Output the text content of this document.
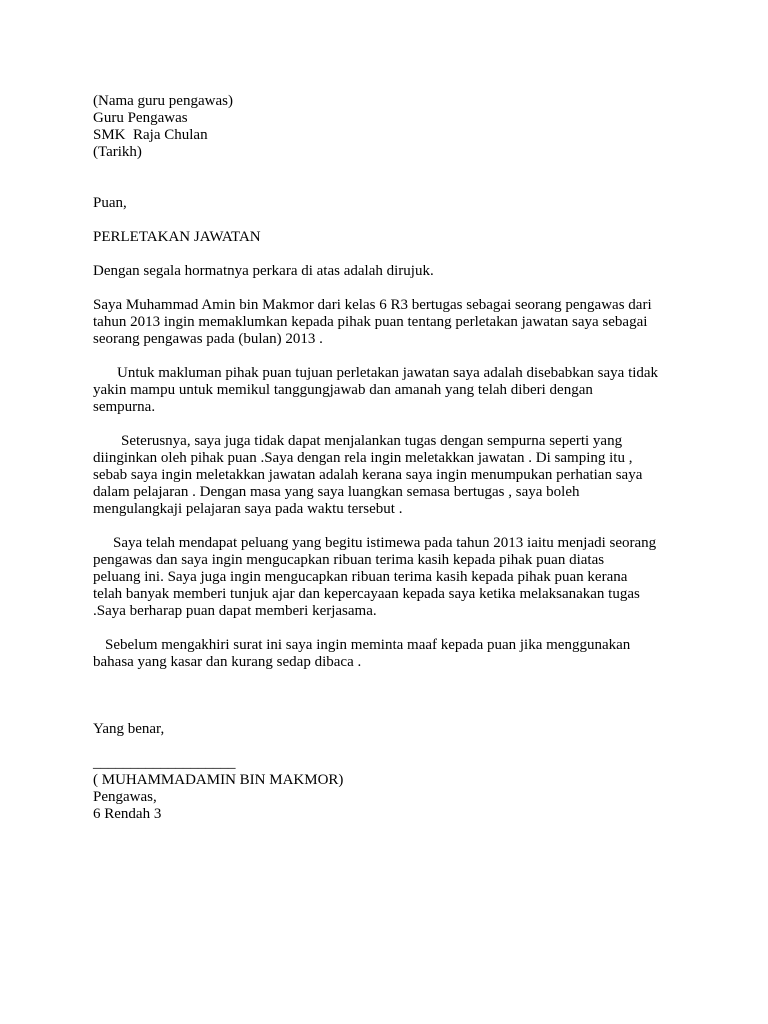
(Nama guru pengawas)
Guru Pengawas
SMK  Raja Chulan
(Tarikh)
Puan,
PERLETAKAN JAWATAN
Dengan segala hormatnya perkara di atas adalah dirujuk.
Saya Muhammad Amin bin Makmor dari kelas 6 R3 bertugas sebagai seorang pengawas dari
tahun 2013 ingin memaklumkan kepada pihak puan tentang perletakan jawatan saya sebagai
seorang pengawas pada (bulan) 2013 .
Untuk makluman pihak puan tujuan perletakan jawatan saya adalah disebabkan saya tidak
yakin mampu untuk memikul tanggungjawab dan amanah yang telah diberi dengan
sempurna.
Seterusnya, saya juga tidak dapat menjalankan tugas dengan sempurna seperti yang
diinginkan oleh pihak puan .Saya dengan rela ingin meletakkan jawatan . Di samping itu ,
sebab saya ingin meletakkan jawatan adalah kerana saya ingin menumpukan perhatian saya
dalam pelajaran . Dengan masa yang saya luangkan semasa bertugas , saya boleh
mengulangkaji pelajaran saya pada waktu tersebut .
Saya telah mendapat peluang yang begitu istimewa pada tahun 2013 iaitu menjadi seorang
pengawas dan saya ingin mengucapkan ribuan terima kasih kepada pihak puan diatas
peluang ini. Saya juga ingin mengucapkan ribuan terima kasih kepada pihak puan kerana
telah banyak memberi tunjuk ajar dan kepercayaan kepada saya ketika melaksanakan tugas
.Saya berharap puan dapat memberi kerjasama.
Sebelum mengakhiri surat ini saya ingin meminta maaf kepada puan jika menggunakan
bahasa yang kasar dan kurang sedap dibaca .
Yang benar,
___________________
( MUHAMMADAMIN BIN MAKMOR)
Pengawas,
6 Rendah 3
